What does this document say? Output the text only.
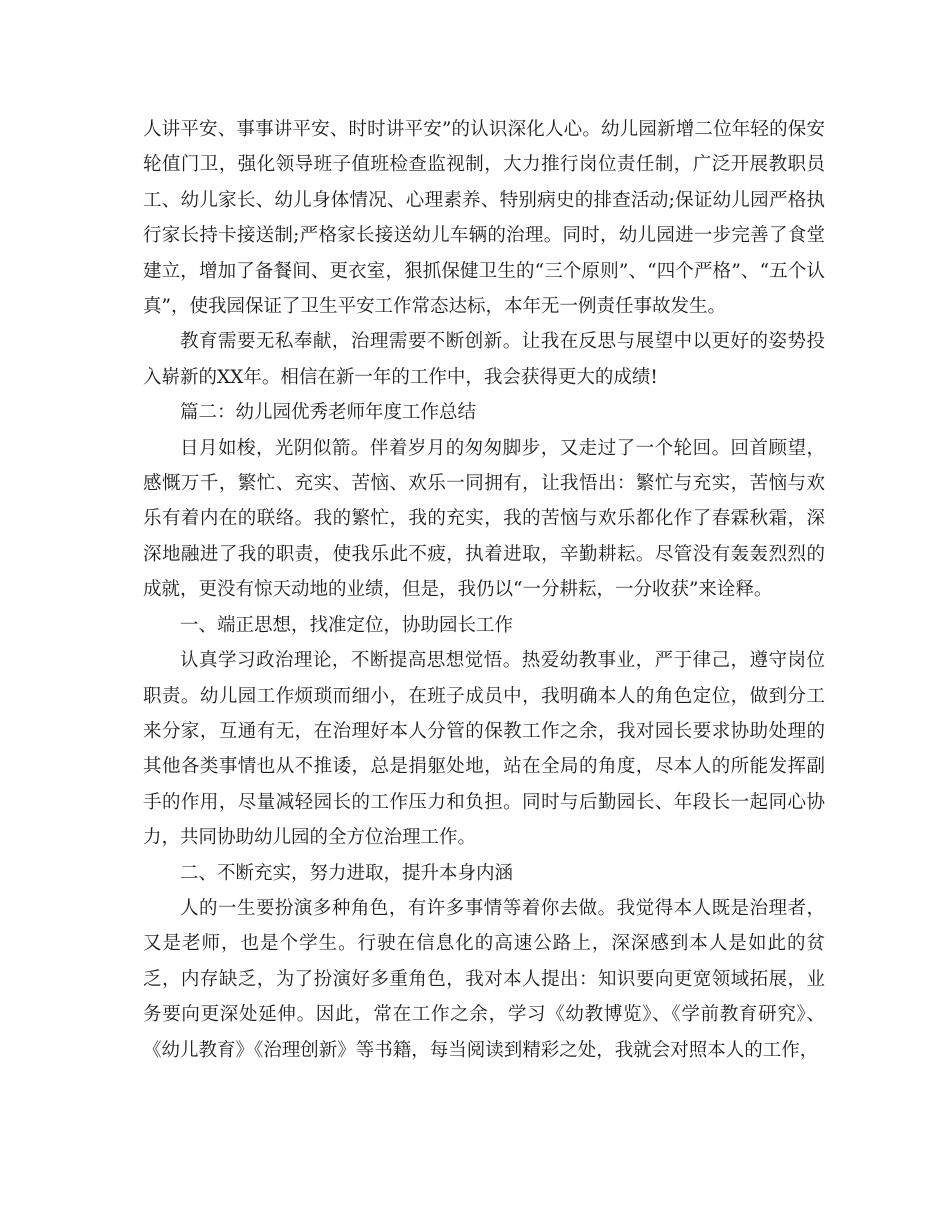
人讲平安、事事讲平安、时时讲平安”的认识深化人心。幼儿园新增二位年轻的保安轮值门卫，强化领导班子值班检查监视制，大力推行岗位责任制，广泛开展教职员工、幼儿家长、幼儿身体情况、心理素养、特别病史的排查活动;保证幼儿园严格执行家长持卡接送制;严格家长接送幼儿车辆的治理。同时，幼儿园进一步完善了食堂建立，增加了备餐间、更衣室，狠抓保健卫生的“三个原则”、“四个严格”、“五个认真”，使我园保证了卫生平安工作常态达标，本年无一例责任事故发生。

教育需要无私奉献，治理需要不断创新。让我在反思与展望中以更好的姿势投入崭新的XX年。相信在新一年的工作中，我会获得更大的成绩!

篇二：幼儿园优秀老师年度工作总结

日月如梭，光阴似箭。伴着岁月的匆匆脚步，又走过了一个轮回。回首顾望，感慨万千，繁忙、充实、苦恼、欢乐一同拥有，让我悟出：繁忙与充实，苦恼与欢乐有着内在的联络。我的繁忙，我的充实，我的苦恼与欢乐都化作了春霖秋霜，深深地融进了我的职责，使我乐此不疲，执着进取，辛勤耕耘。尽管没有轰轰烈烈的成就，更没有惊天动地的业绩，但是，我仍以“一分耕耘，一分收获”来诠释。

一、端正思想，找准定位，协助园长工作

认真学习政治理论，不断提高思想觉悟。热爱幼教事业，严于律己，遵守岗位职责。幼儿园工作烦琐而细小，在班子成员中，我明确本人的角色定位，做到分工来分家，互通有无，在治理好本人分管的保教工作之余，我对园长要求协助处理的其他各类事情也从不推诿，总是捐躯处地，站在全局的角度，尽本人的所能发挥副手的作用，尽量减轻园长的工作压力和负担。同时与后勤园长、年段长一起同心协力，共同协助幼儿园的全方位治理工作。

二、不断充实，努力进取，提升本身内涵

人的一生要扮演多种角色，有许多事情等着你去做。我觉得本人既是治理者，又是老师，也是个学生。行驶在信息化的高速公路上，深深感到本人是如此的贫乏，内存缺乏，为了扮演好多重角色，我对本人提出：知识要向更宽领域拓展，业务要向更深处延伸。因此，常在工作之余，学习《幼教博览》、《学前教育研究》、《幼儿教育》《治理创新》等书籍，每当阅读到精彩之处，我就会对照本人的工作，
